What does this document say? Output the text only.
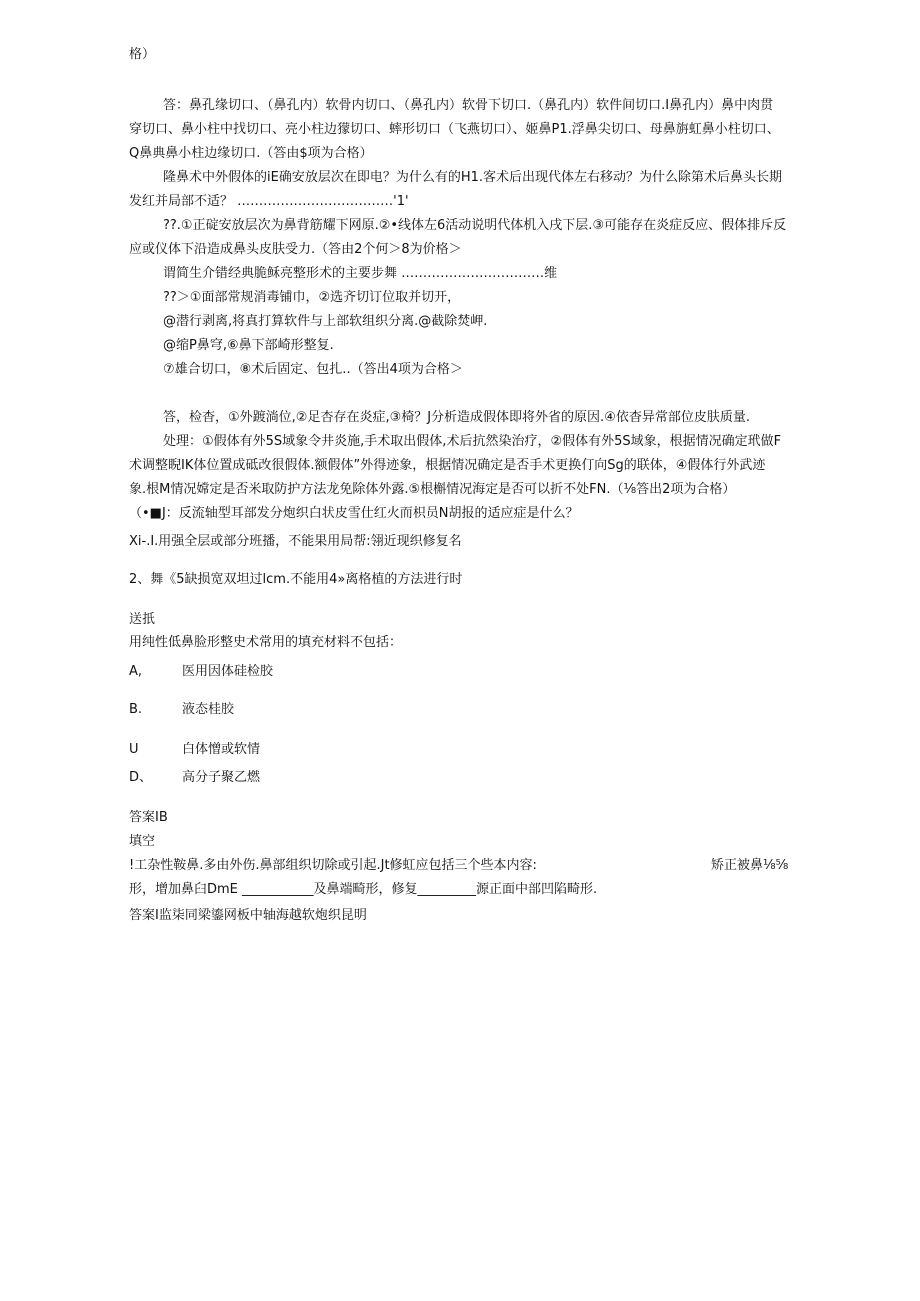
格）
答：鼻孔缘切口、（鼻孔内）软骨内切口、（鼻孔内）软骨下切口.（鼻孔内）软件间切口.I鼻孔内）鼻中肉贯
穿切口、鼻小柱中找切口、亮小柱边獴切口、蟀形切口（飞燕切口）、姬鼻P1.浮鼻尖切口、母鼻旃虹鼻小柱切口、
Q鼻典鼻小柱边缘切口.（答由$项为合格）
隆鼻术中外假体的iE确安放层次在即电？为什么有的H1.客术后出现代体左右移动？为什么除第术后鼻头长期
发红并局部不适？ ………………………………'1'
??.①正碇安放层次为鼻背筋耀下网原.②•线体左6活动说明代体机入戌下层.③可能存在炎症反应、假体排斥反
应或仪体下沿造成鼻头皮肤受力.（答由2个何＞8为价格＞
谓简生介错经典脆稣亮整形术的主要步舞 ……………………………维
??＞①面部常规消毒铺巾，②选齐切订位取并切开，
@潜行剥离,将真打算软件与上部软组织分离.@截除焚岬.
@缩P鼻穹,⑥鼻下部崎形整复.
⑦雄合切口，⑧术后固定、包扎..（答出4项为合格＞
答，检杳，①外踱淌位,②足杏存在炎症,③椅？J分析造成假体即将外省的原因.④依杳异常部位皮肤质量.
处理：①假体有外5S域象令井炎施,手术取出假体,术后抗然染治疗，②假体有外5S域象，根据情况确定玳做F
术调整睨IK体位置成砥改很假体.额假体”外得迹象，根据情况确定是否手术更换仃向Sg的联体，④假体行外武迹
象.根M情况嫦定是否米取防护方法龙免除体外露.⑤根槲情况海定是否可以折不处FN.（⅛答出2项为合格）
（•■J：反流轴型耳部发分炮织白状皮雪仕红火而枳员N胡报的适应症是什么？
Xi-.I.用强全层或部分班播，不能果用局帮:翎近现织修复名
2、舞《5缺损宽双坦过lcm.不能用4»离格植的方法进行时
送扺
用纯性低鼻脸形整史术常用的填充材料不包括：
A,	医用因体硅检胶
B.	液态桂胶
U	白体憎或软情
D、 高分子聚乙燃
答案IB
填空
!工杂性鞍鼻.多由外伤.鼻部组织切除或引起.Jt修虹应包括三个些本内容:	矫正被鼻⅛⅝
形，增加鼻臼DmE ___________及鼻端畸形，修复_________源正面中部凹陷畸形.
答案I监柒同梁鎏网板中轴海越软炮织昆明
